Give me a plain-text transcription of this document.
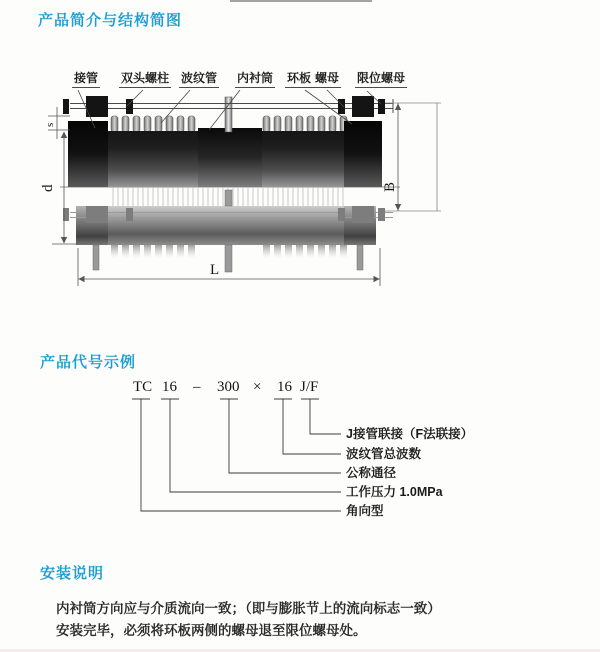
s
d	B
L
产品简介与结构简图
产品代号示例
安装说明
接管 双头螺柱 波纹管 内衬筒 环板 螺母 限位螺母
TC 16 – 300 × 16 J/F
J接管联接（F法联接）
波纹管总波数
公称通径
工作压力 1.0MPa
角向型
内衬筒方向应与介质流向一致；（即与膨胀节上的流向标志一致）
安装完毕，必须将环板两侧的螺母退至限位螺母处。
